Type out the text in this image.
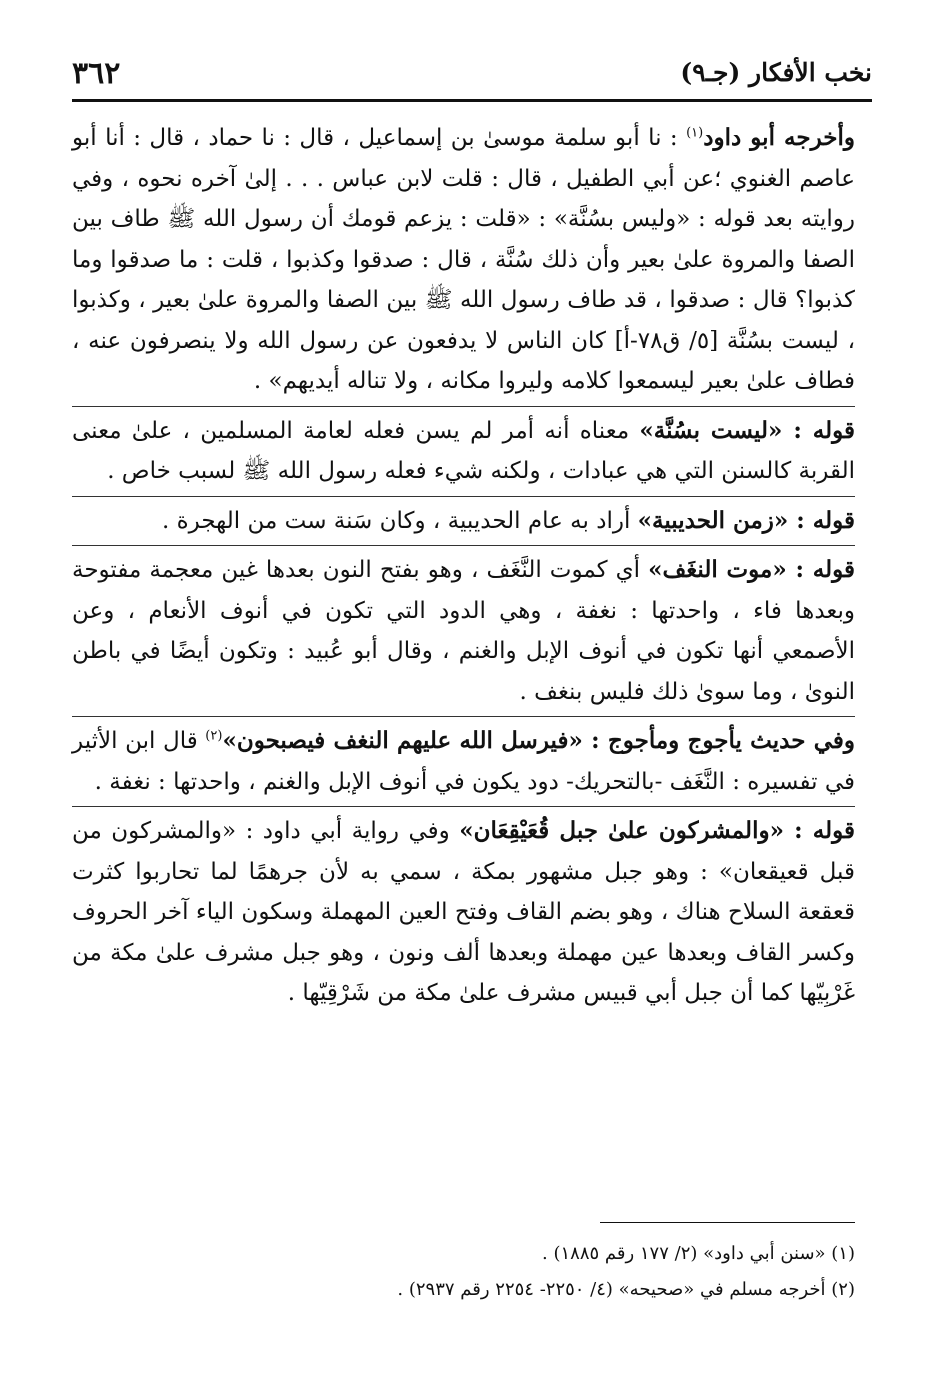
نخب الأفكار (جـ٩)
٣٦٢

وأخرجه أبو داود$^{(١)}$ : نا أبو سلمة موسىٰ بن إسماعيل ، قال : نا حماد ، قال : أنا أبو عاصم الغنوي ؛عن أبي الطفيل ، قال : قلت لابن عباس . . . إلىٰ آخره نحوه ، وفي روايته بعد قوله : «وليس بسُنَّة» : «قلت : يزعم قومك أن رسول الله ﷺ طاف بين الصفا والمروة علىٰ بعير وأن ذلك سُنَّة ، قال : صدقوا وكذبوا ، قلت : ما صدقوا وما كذبوا؟ قال : صدقوا ، قد طاف رسول الله ﷺ بين الصفا والمروة علىٰ بعير ، وكذبوا ، ليست بسُنَّة [٥/ ق٧٨-أ] كان الناس لا يدفعون عن رسول الله ولا ينصرفون عنه ، فطاف علىٰ بعير ليسمعوا كلامه وليروا مكانه ، ولا تناله أيديهم» .

قوله : «ليست بسُنَّة» معناه أنه أمر لم يسن فعله لعامة المسلمين ، علىٰ معنى القربة كالسنن التي هي عبادات ، ولكنه شيء فعله رسول الله ﷺ لسبب خاص .

قوله : «زمن الحديبية» أراد به عام الحديبية ، وكان سَنة ست من الهجرة .

قوله : «موت النغَف» أي كموت النَّغَف ، وهو بفتح النون بعدها غين معجمة مفتوحة وبعدها فاء ، واحدتها : نغفة ، وهي الدود التي تكون في أنوف الأنعام ، وعن الأصمعي أنها تكون في أنوف الإبل والغنم ، وقال أبو عُبيد : وتكون أيضًا في باطن النوىٰ ، وما سوىٰ ذلك فليس بنغف .

وفي حديث يأجوج ومأجوج : «فيرسل الله عليهم النغف فيصبحون»$^{(٢)}$ قال ابن الأثير في تفسيره : النَّغَف -بالتحريك- دود يكون في أنوف الإبل والغنم ، واحدتها : نغفة .

قوله : «والمشركون علىٰ جبل قُعَيْقِعَان» وفي رواية أبي داود : «والمشركون من قبل قعيقعان» : وهو جبل مشهور بمكة ، سمي به لأن جرهمًا لما تحاربوا كثرت قعقعة السلاح هناك ، وهو بضم القاف وفتح العين المهملة وسكون الياء آخر الحروف وكسر القاف وبعدها عين مهملة وبعدها ألف ونون ، وهو جبل مشرف علىٰ مكة من غَرْبِيّها كما أن جبل أبي قبيس مشرف علىٰ مكة من شَرْقِيّها .

(١) «سنن أبي داود» (٢/ ١٧٧ رقم ١٨٨٥) .

(٢) أخرجه مسلم في «صحيحه» (٤/ ٢٢٥٠- ٢٢٥٤ رقم ٢٩٣٧) .
